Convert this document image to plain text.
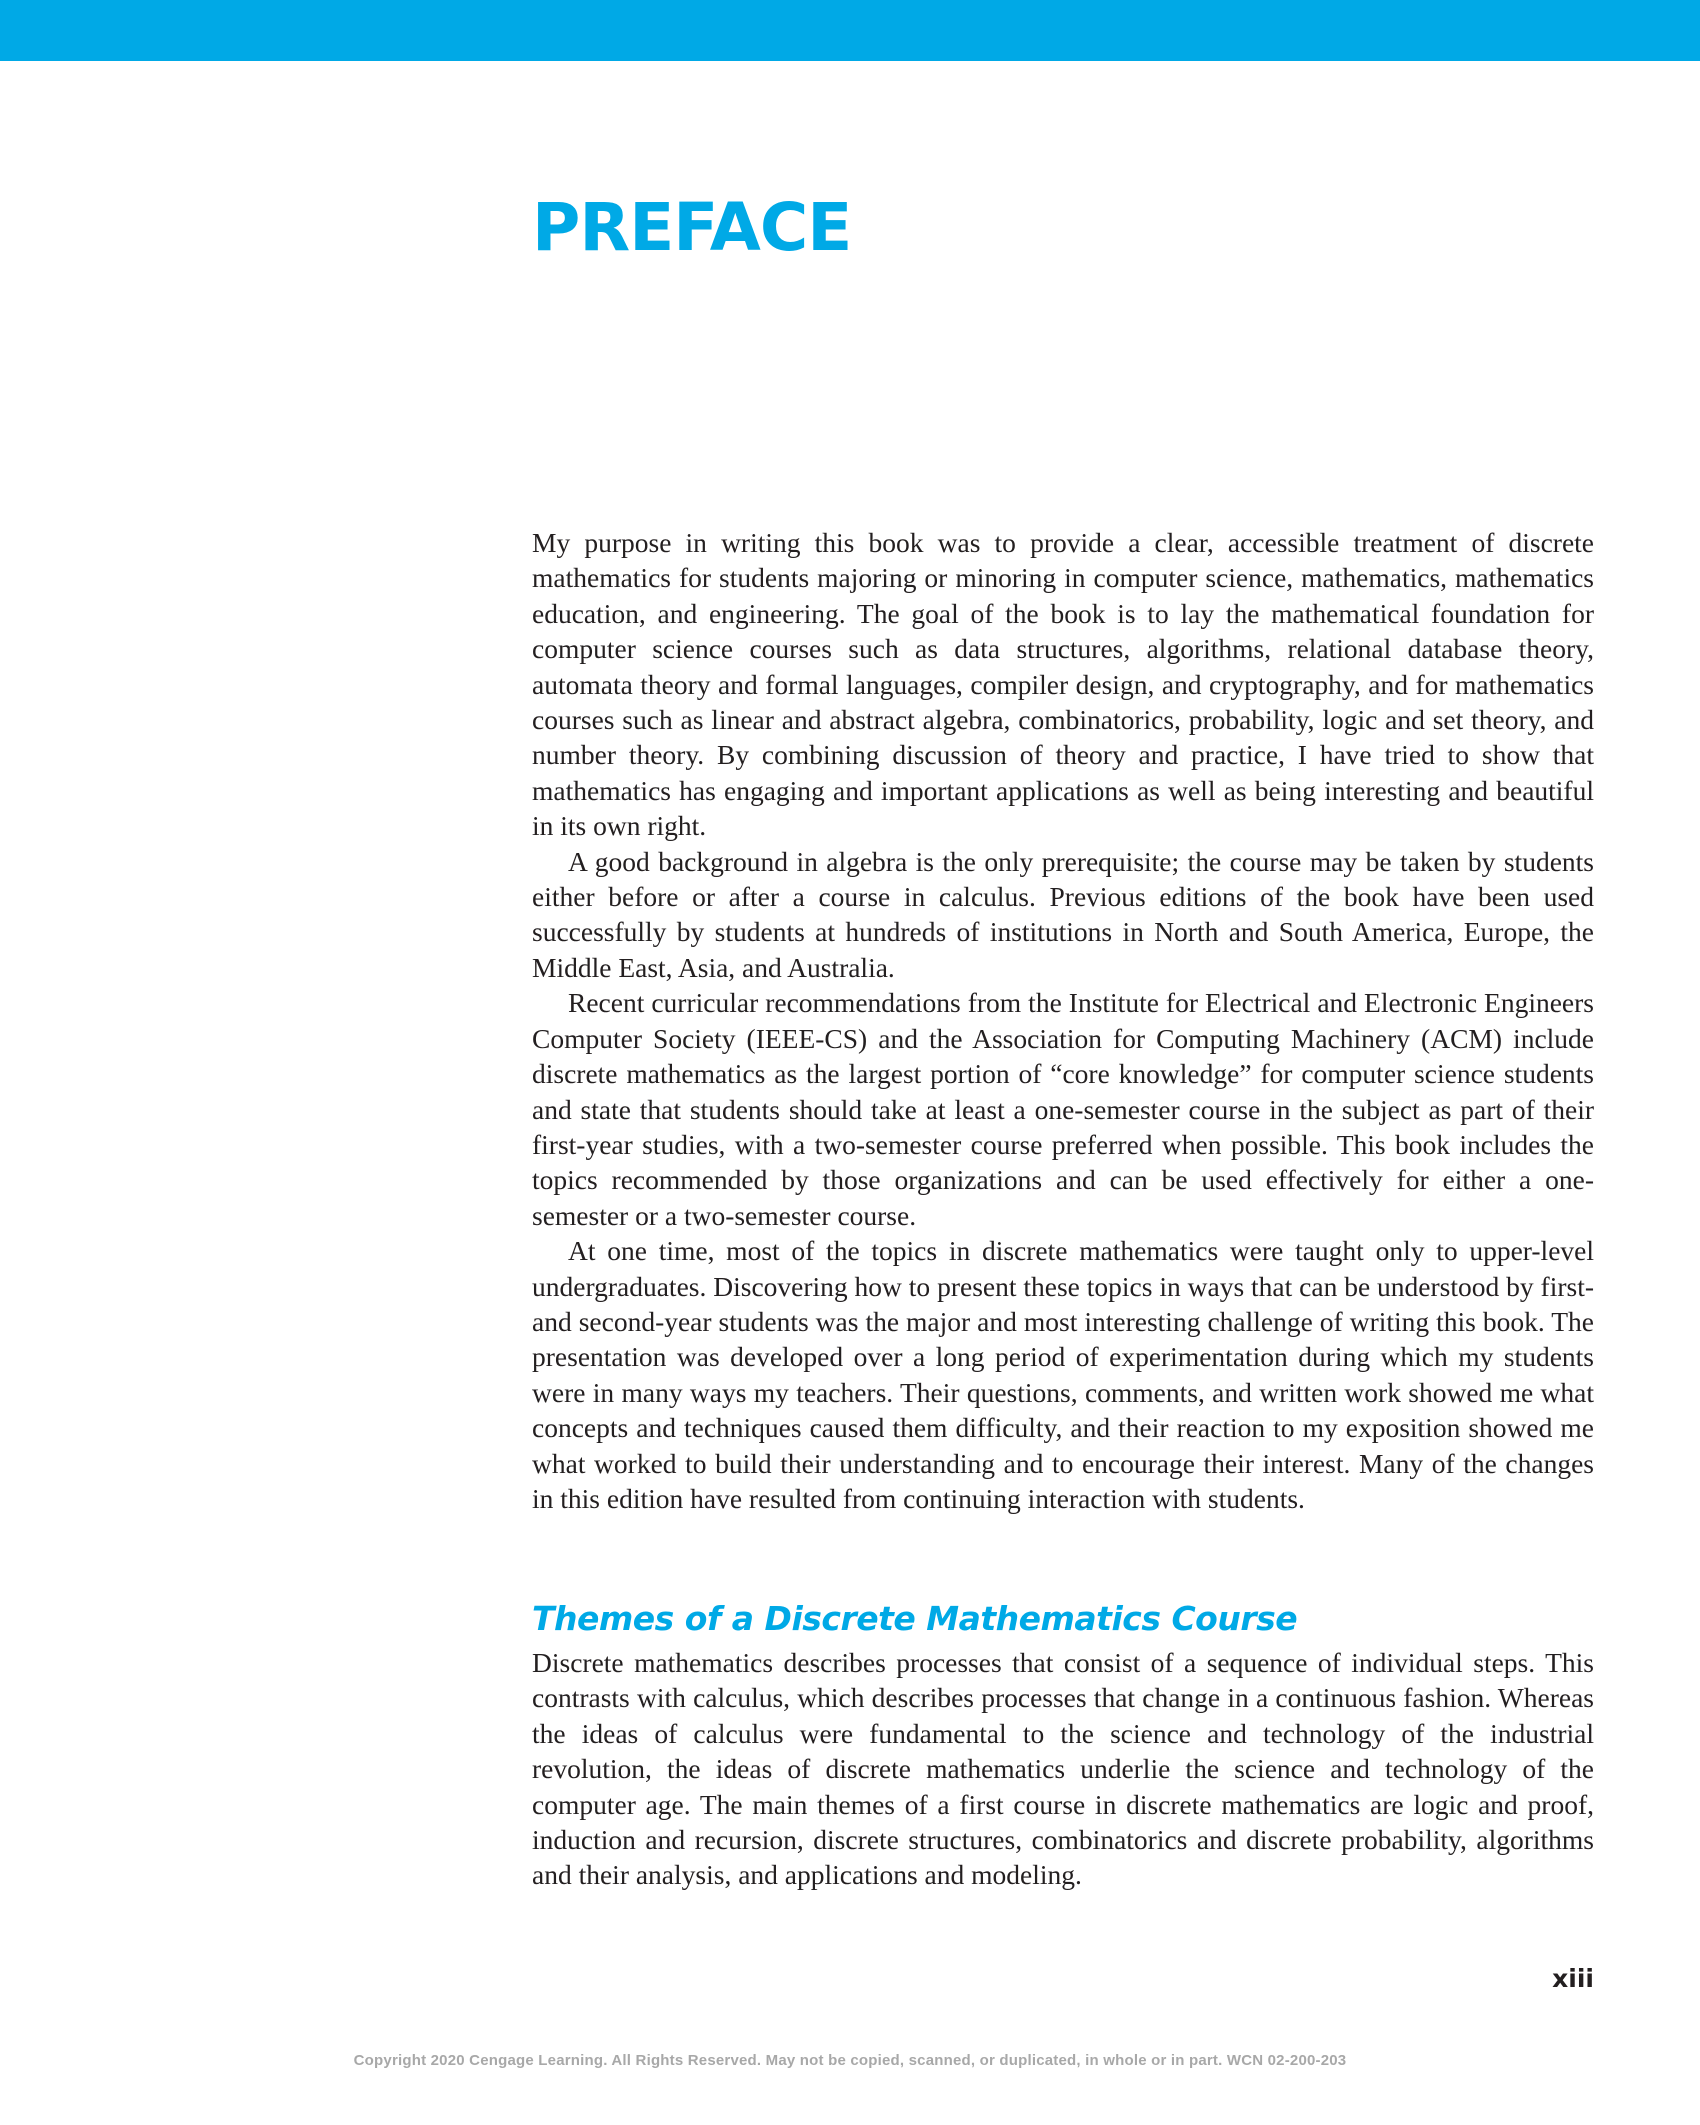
PREFACE

My purpose in writing this book was to provide a clear, accessible treatment of discrete mathematics for students majoring or minoring in computer science, mathematics, mathematics education, and engineering. The goal of the book is to lay the mathematical foundation for computer science courses such as data structures, algorithms, relational database theory, automata theory and formal languages, compiler design, and cryptography, and for mathematics courses such as linear and abstract algebra, combinatorics, probability, logic and set theory, and number theory. By combining discussion of theory and practice, I have tried to show that mathematics has engaging and important applications as well as being interesting and beautiful in its own right.

A good background in algebra is the only prerequisite; the course may be taken by students either before or after a course in calculus. Previous editions of the book have been used successfully by students at hundreds of institutions in North and South America, Europe, the Middle East, Asia, and Australia.

Recent curricular recommendations from the Institute for Electrical and Electronic Engineers Computer Society (IEEE-CS) and the Association for Computing Machinery (ACM) include discrete mathematics as the largest portion of “core knowledge” for computer science students and state that students should take at least a one-semester course in the subject as part of their first-year studies, with a two-semester course preferred when possible. This book includes the topics recommended by those organizations and can be used effectively for either a one-semester or a two-semester course.

At one time, most of the topics in discrete mathematics were taught only to upper-level undergraduates. Discovering how to present these topics in ways that can be understood by first- and second-year students was the major and most interesting challenge of writing this book. The presentation was developed over a long period of experimentation during which my students were in many ways my teachers. Their questions, comments, and written work showed me what concepts and techniques caused them difficulty, and their reaction to my exposition showed me what worked to build their understanding and to encourage their interest. Many of the changes in this edition have resulted from continuing interaction with students.

Themes of a Discrete Mathematics Course

Discrete mathematics describes processes that consist of a sequence of individual steps. This contrasts with calculus, which describes processes that change in a continuous fashion. Whereas the ideas of calculus were fundamental to the science and technology of the industrial revolution, the ideas of discrete mathematics underlie the science and technology of the computer age. The main themes of a first course in discrete mathematics are logic and proof, induction and recursion, discrete structures, combinatorics and discrete probability, algorithms and their analysis, and applications and modeling.

xiii
Copyright 2020 Cengage Learning. All Rights Reserved. May not be copied, scanned, or duplicated, in whole or in part. WCN 02-200-203
